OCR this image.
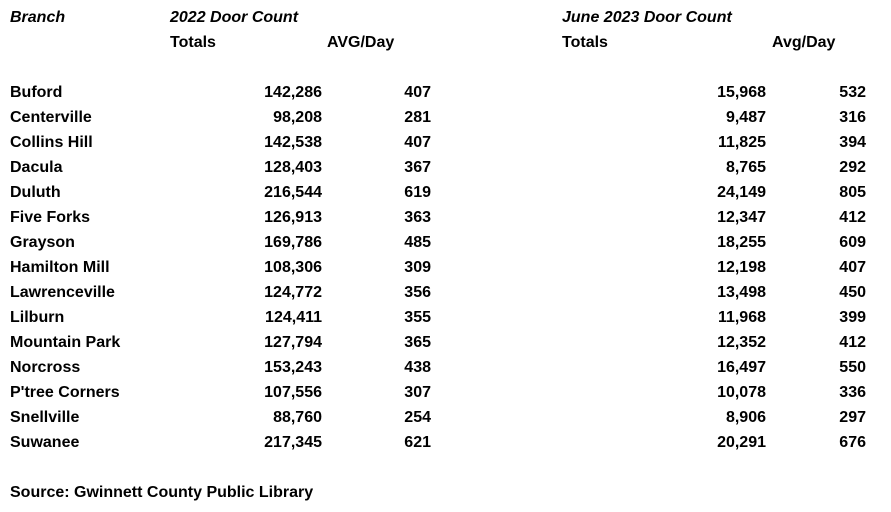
Branch	2022 Door Count	June 2023 Door Count
Totals	AVG/Day	Totals	Avg/Day
Buford	142,286	407	15,968	532
Centerville	98,208	281	9,487	316
Collins Hill	142,538	407	11,825	394
Dacula	128,403	367	8,765	292
Duluth	216,544	619	24,149	805
Five Forks	126,913	363	12,347	412
Grayson	169,786	485	18,255	609
Hamilton Mill	108,306	309	12,198	407
Lawrenceville	124,772	356	13,498	450
Lilburn	124,411	355	11,968	399
Mountain Park	127,794	365	12,352	412
Norcross	153,243	438	16,497	550
P'tree Corners	107,556	307	10,078	336
Snellville	88,760	254	8,906	297
Suwanee	217,345	621	20,291	676
Source: Gwinnett County Public Library
